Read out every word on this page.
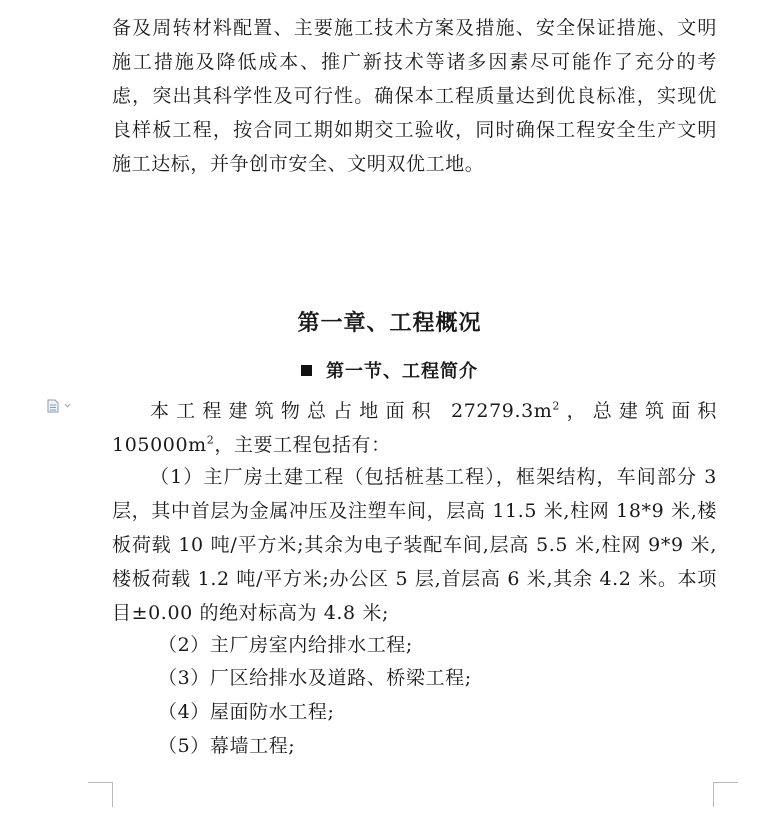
备及周转材料配置、主要施工技术方案及措施、安全保证措施、文明施工措施及降低成本、推广新技术等诸多因素尽可能作了充分的考虑，突出其科学性及可行性。确保本工程质量达到优良标准，实现优良样板工程，按合同工期如期交工验收，同时确保工程安全生产文明施工达标，并争创市安全、文明双优工地。

第一章、工程概况
第一节、工程简介

本工程建筑物总占地面积 $27279.3m^2$，总建筑面积 $105000m^2$，主要工程包括有：

（1）主厂房土建工程（包括桩基工程），框架结构，车间部分 3 层，其中首层为金属冲压及注塑车间，层高 11.5 米,柱网 18*9 米,楼板荷载 10 吨/平方米;其余为电子装配车间,层高 5.5 米,柱网 9*9 米,楼板荷载 1.2 吨/平方米;办公区 5 层,首层高 6 米,其余 4.2 米。本项目±0.00 的绝对标高为 4.8 米;

（2）主厂房室内给排水工程;

（3）厂区给排水及道路、桥梁工程;

（4）屋面防水工程;

（5）幕墙工程;
